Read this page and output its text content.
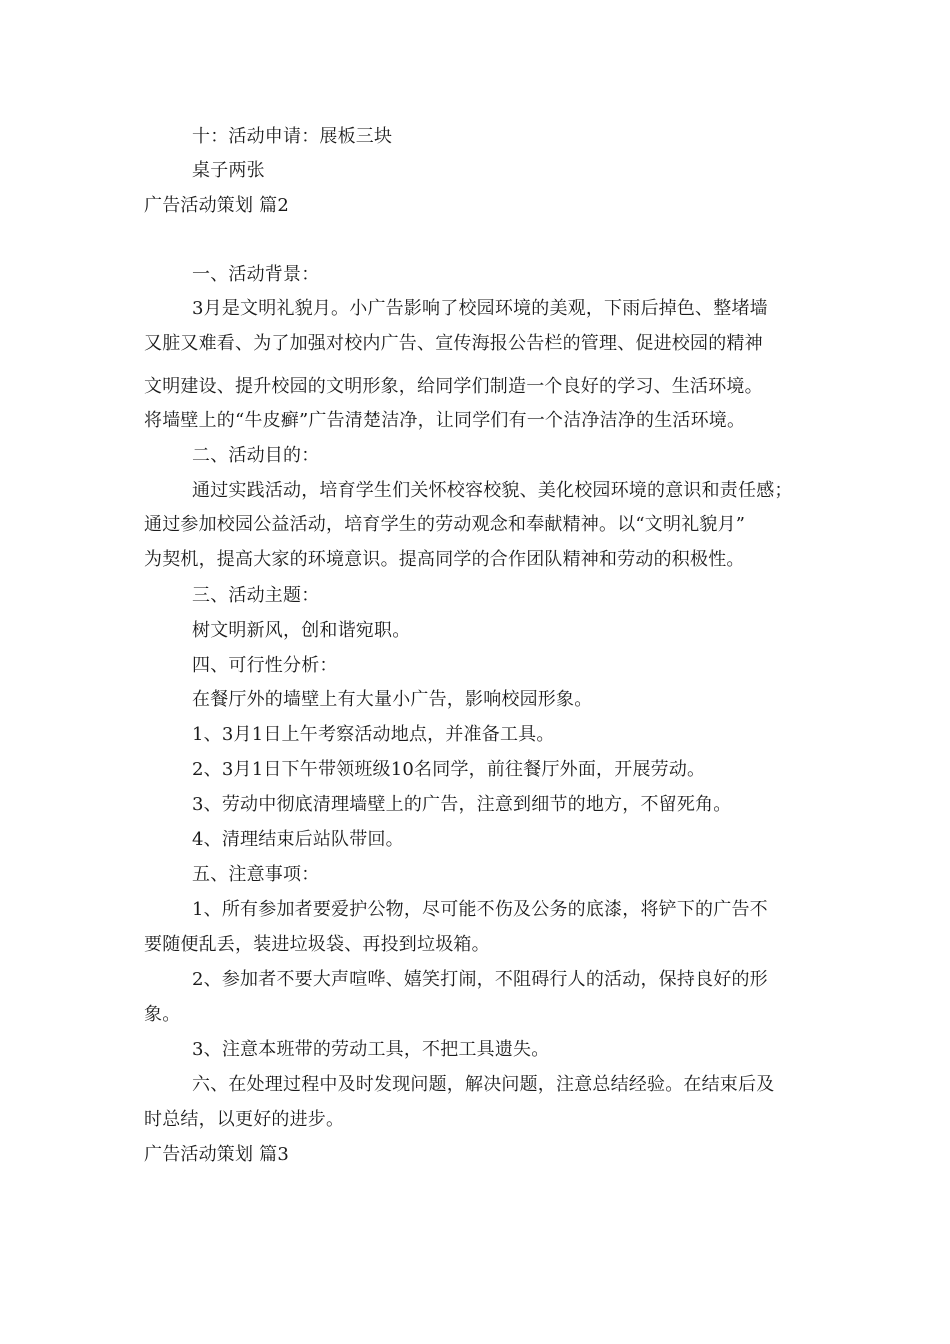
十：活动申请：展板三块
桌子两张
广告活动策划 篇2
一、活动背景：
3月是文明礼貌月。小广告影响了校园环境的美观，下雨后掉色、整堵墙
又脏又难看、为了加强对校内广告、宣传海报公告栏的管理、促进校园的精神
文明建设、提升校园的文明形象，给同学们制造一个良好的学习、生活环境。
将墙壁上的“牛皮癣”广告清楚洁净，让同学们有一个洁净洁净的生活环境。
二、活动目的：
通过实践活动，培育学生们关怀校容校貌、美化校园环境的意识和责任感；
通过参加校园公益活动，培育学生的劳动观念和奉献精神。以“文明礼貌月”
为契机，提高大家的环境意识。提高同学的合作团队精神和劳动的积极性。
三、活动主题：
树文明新风，创和谐宛职。
四、可行性分析：
在餐厅外的墙壁上有大量小广告，影响校园形象。
1、3月1日上午考察活动地点，并准备工具。
2、3月1日下午带领班级10名同学，前往餐厅外面，开展劳动。
3、劳动中彻底清理墙壁上的广告，注意到细节的地方，不留死角。
4、清理结束后站队带回。
五、注意事项：
1、所有参加者要爱护公物，尽可能不伤及公务的底漆，将铲下的广告不
要随便乱丢，装进垃圾袋、再投到垃圾箱。
2、参加者不要大声喧哗、嬉笑打闹，不阻碍行人的活动，保持良好的形
象。
3、注意本班带的劳动工具，不把工具遗失。
六、在处理过程中及时发现问题，解决问题，注意总结经验。在结束后及
时总结，以更好的进步。
广告活动策划 篇3
